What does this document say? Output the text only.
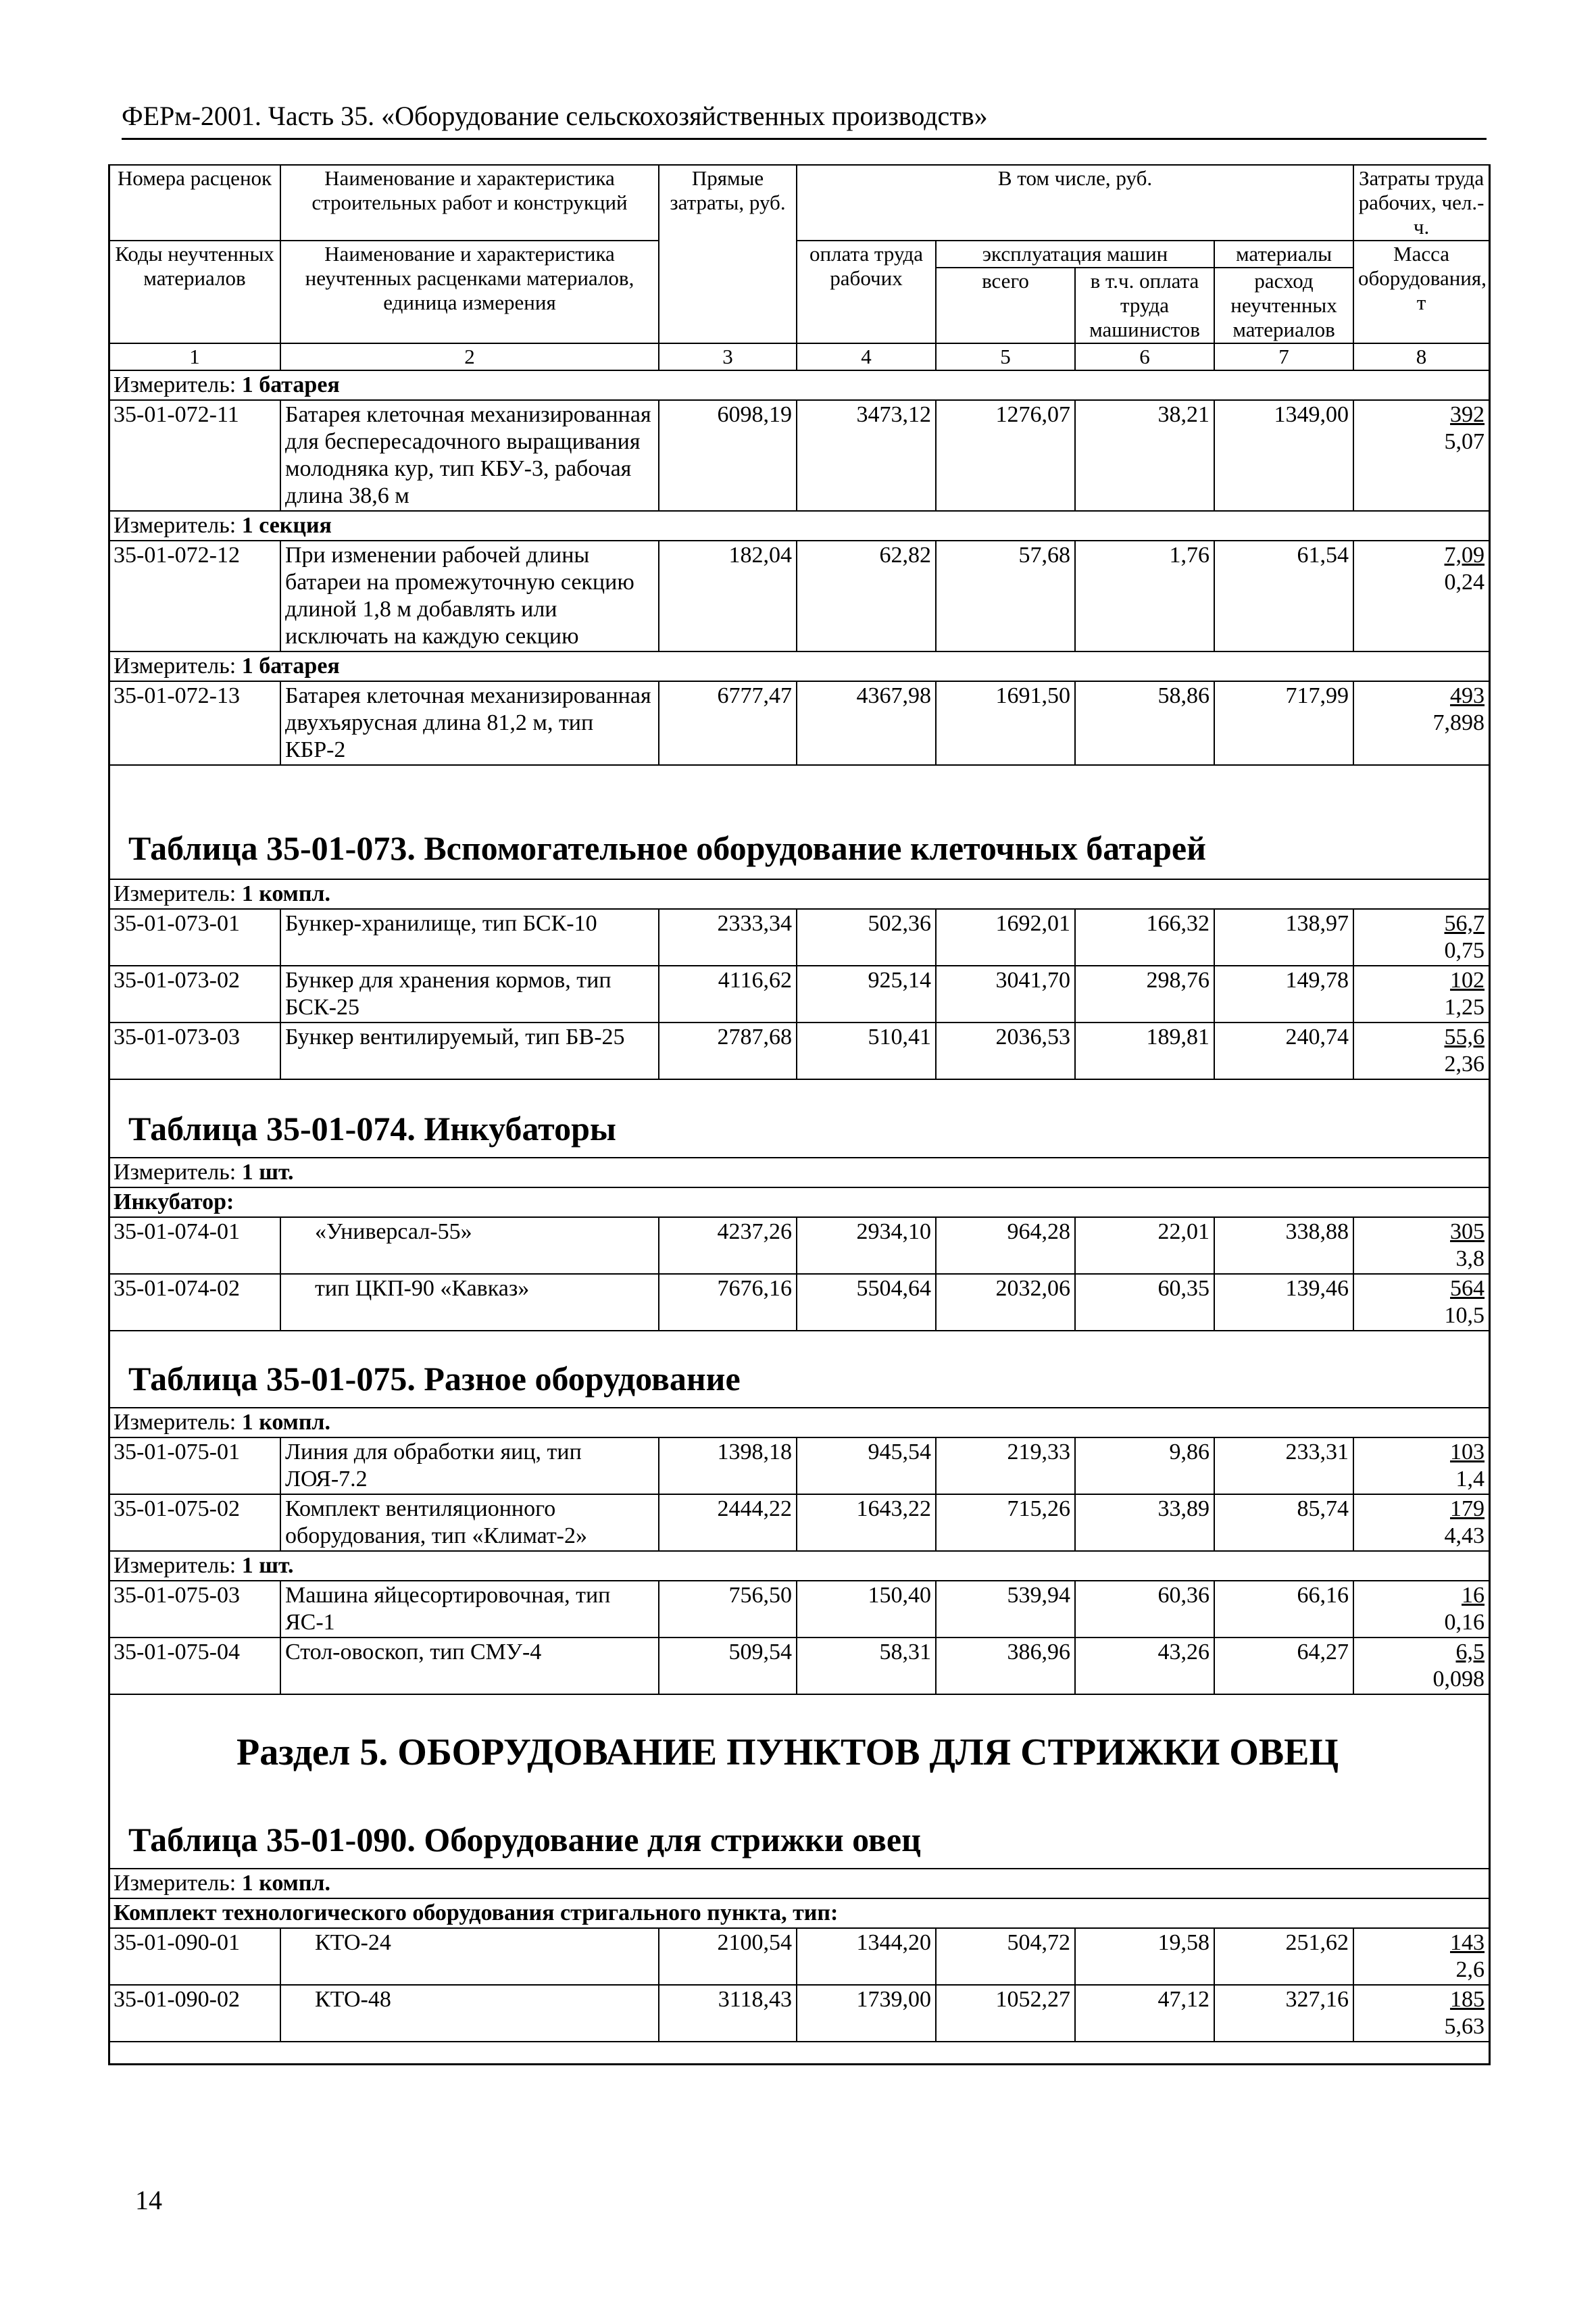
ФЕРм-2001. Часть 35. «Оборудование сельскохозяйственных производств»
Номера расценок	Наименование и характеристика строительных работ и конструкций	Прямые затраты, руб.	В том числе, руб.				Затраты труда рабочих, чел.-ч.
Коды неучтенных материалов	Наименование и характеристика неучтенных расценками материалов, единица измерения		оплата труда рабочих	эксплуатация машин		материалы	Масса оборудования, т
				всего	в т.ч. оплата труда машинистов	расход неучтенных материалов	
1	2	3	4	5	6	7	8
Измеритель: 1 батарея							
35-01-072-11	Батарея клеточная механизированная для беспересадочного выращивания молодняка кур, тип КБУ-3, рабочая длина 38,6 м	6098,19	3473,12	1276,07	38,21	1349,00	392
5,07
Измеритель: 1 секция							
35-01-072-12	При изменении рабочей длины батареи на промежуточную секцию длиной 1,8 м добавлять или исключать на каждую секцию	182,04	62,82	57,68	1,76	61,54	7,09
0,24
Измеритель: 1 батарея							
35-01-072-13	Батарея клеточная механизированная двухъярусная длина 81,2 м, тип КБР-2	6777,47	4367,98	1691,50	58,86	717,99	493
7,898
Таблица 35-01-073. Вспомогательное оборудование клеточных батарей
Измеритель: 1 компл.							
35-01-073-01	Бункер-хранилище, тип БСК-10	2333,34	502,36	1692,01	166,32	138,97	56,7
0,75
35-01-073-02	Бункер для хранения кормов, тип БСК-25	4116,62	925,14	3041,70	298,76	149,78	102
1,25
35-01-073-03	Бункер вентилируемый, тип БВ-25	2787,68	510,41	2036,53	189,81	240,74	55,6
2,36
Таблица 35-01-074. Инкубаторы
Измеритель: 1 шт.							
Инкубатор:							
35-01-074-01	«Универсал-55»	4237,26	2934,10	964,28	22,01	338,88	305
3,8
35-01-074-02	тип ЦКП-90 «Кавказ»	7676,16	5504,64	2032,06	60,35	139,46	564
10,5
Таблица 35-01-075. Разное оборудование
Измеритель: 1 компл.							
35-01-075-01	Линия для обработки яиц, тип ЛОЯ-7.2	1398,18	945,54	219,33	9,86	233,31	103
1,4
35-01-075-02	Комплект вентиляционного оборудования, тип «Климат-2»	2444,22	1643,22	715,26	33,89	85,74	179
4,43
Измеритель: 1 шт.							
35-01-075-03	Машина яйцесортировочная, тип ЯС-1	756,50	150,40	539,94	60,36	66,16	16
0,16
35-01-075-04	Стол-овоскоп, тип СМУ-4	509,54	58,31	386,96	43,26	64,27	6,5
0,098
Раздел 5. ОБОРУДОВАНИЕ ПУНКТОВ ДЛЯ СТРИЖКИ ОВЕЦ
Таблица 35-01-090. Оборудование для стрижки овец
Измеритель: 1 компл.							
Комплект технологического оборудования стригального пункта, тип:							
35-01-090-01	КТО-24	2100,54	1344,20	504,72	19,58	251,62	143
2,6
35-01-090-02	КТО-48	3118,43	1739,00	1052,27	47,12	327,16	185
5,63
14
